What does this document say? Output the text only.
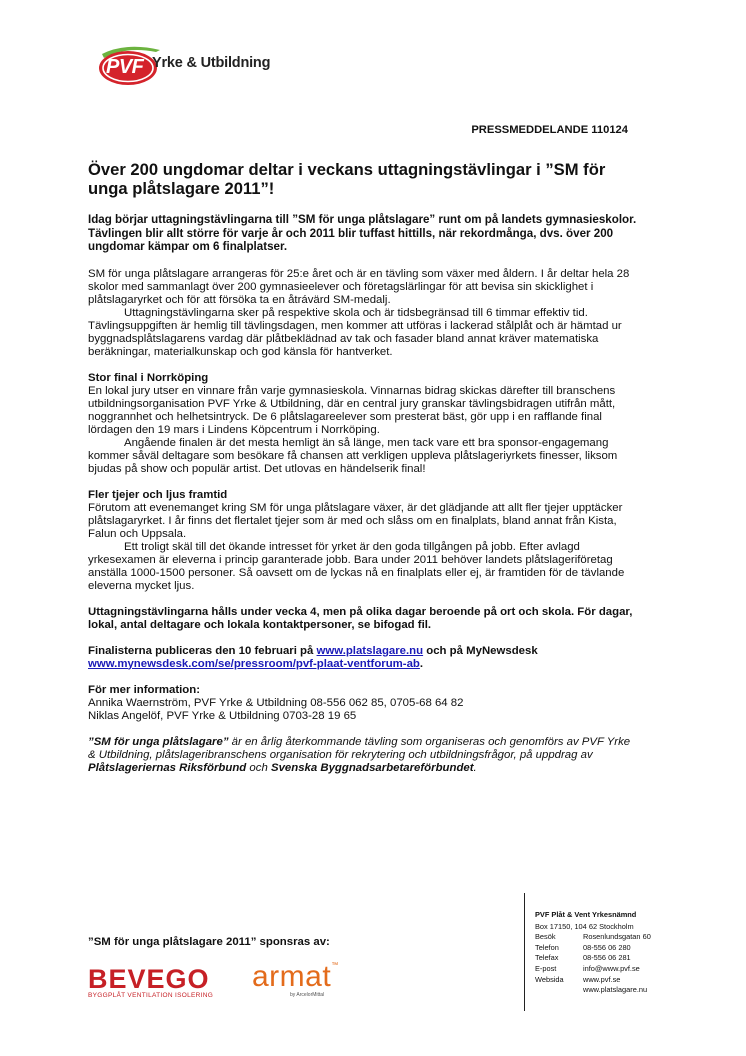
PVF Yrke & Utbildning
PRESSMEDDELANDE 110124
Över 200 ungdomar deltar i veckans uttagningstävlingar i ”SM för unga plåtslagare 2011”!

Idag börjar uttagningstävlingarna till ”SM för unga plåtslagare” runt om på landets gymnasieskolor. Tävlingen blir allt större för varje år och 2011 blir tuffast hittills, när rekordmånga, dvs. över 200 ungdomar kämpar om 6 finalplatser.

SM för unga plåtslagare arrangeras för 25:e året och är en tävling som växer med åldern. I år deltar hela 28 skolor med sammanlagt över 200 gymnasieelever och företagslärlingar för att bevisa sin skicklighet i plåtslagaryrket och för att försöka ta en åtrávärd SM-medalj.

Uttagningstävlingarna sker på respektive skola och är tidsbegränsad till 6 timmar effektiv tid. Tävlingsuppgiften är hemlig till tävlingsdagen, men kommer att utföras i lackerad stålplåt och är hämtad ur byggnadsplåtslagarens vardag där plåtbeklädnad av tak och fasader bland annat kräver matematiska beräkningar, materialkunskap och god känsla för hantverket.

Stor final i Norrköping

En lokal jury utser en vinnare från varje gymnasieskola. Vinnarnas bidrag skickas därefter till branschens utbildningsorganisation PVF Yrke & Utbildning, där en central jury granskar tävlingsbidragen utifrån mått, noggrannhet och helhetsintryck. De 6 plåtslagareelever som presterat bäst, gör upp i en rafflande final lördagen den 19 mars i Lindens Köpcentrum i Norrköping.

Angående finalen är det mesta hemligt än så länge, men tack vare ett bra sponsor-engagemang kommer såväl deltagare som besökare få chansen att verkligen uppleva plåtslageriyrkets finesser, liksom bjudas på show och populär artist. Det utlovas en händelserik final!

Fler tjejer och ljus framtid

Förutom att evenemanget kring SM för unga plåtslagare växer, är det glädjande att allt fler tjejer upptäcker plåtslagaryrket. I år finns det flertalet tjejer som är med och slåss om en finalplats, bland annat från Kista, Falun och Uppsala.

Ett troligt skäl till det ökande intresset för yrket är den goda tillgången på jobb. Efter avlagd yrkesexamen är eleverna i princip garanterade jobb. Bara under 2011 behöver landets plåtslageriföretag anställa 1000-1500 personer. Så oavsett om de lyckas nå en finalplats eller ej, är framtiden för de tävlande eleverna mycket ljus.

Uttagningstävlingarna hålls under vecka 4, men på olika dagar beroende på ort och skola. För dagar, lokal, antal deltagare och lokala kontaktpersoner, se bifogad fil.

Finalisterna publiceras den 10 februari på www.platslagare.nu och på MyNewsdesk
www.mynewsdesk.com/se/pressroom/pvf-plaat-ventforum-ab.

För mer information:

Annika Waernström, PVF Yrke & Utbildning 08-556 062 85, 0705-68 64 82

Niklas Angelöf, PVF Yrke & Utbildning 0703-28 19 65

”SM för unga plåtslagare” är en årlig återkommande tävling som organiseras och genomförs av PVF Yrke & Utbildning, plåtslageribranschens organisation för rekrytering och utbildningsfrågor, på uppdrag av Plåtslageriernas Riksförbund och Svenska Byggnadsarbetareförbundet.

”SM för unga plåtslagare 2011” sponsras av:
BEVEGO
BYGGPLÅT VENTILATION ISOLERING
armat™
by ArcelorMittal
PVF Plåt & Vent Yrkesnämnd
Box 17150, 104 62 Stockholm
Besök	Rosenlundsgatan 60
Telefon	08-556 06 280
Telefax	08-556 06 281
E-post	info@www.pvf.se
Websida	www.pvf.se
www.platslagare.nu
